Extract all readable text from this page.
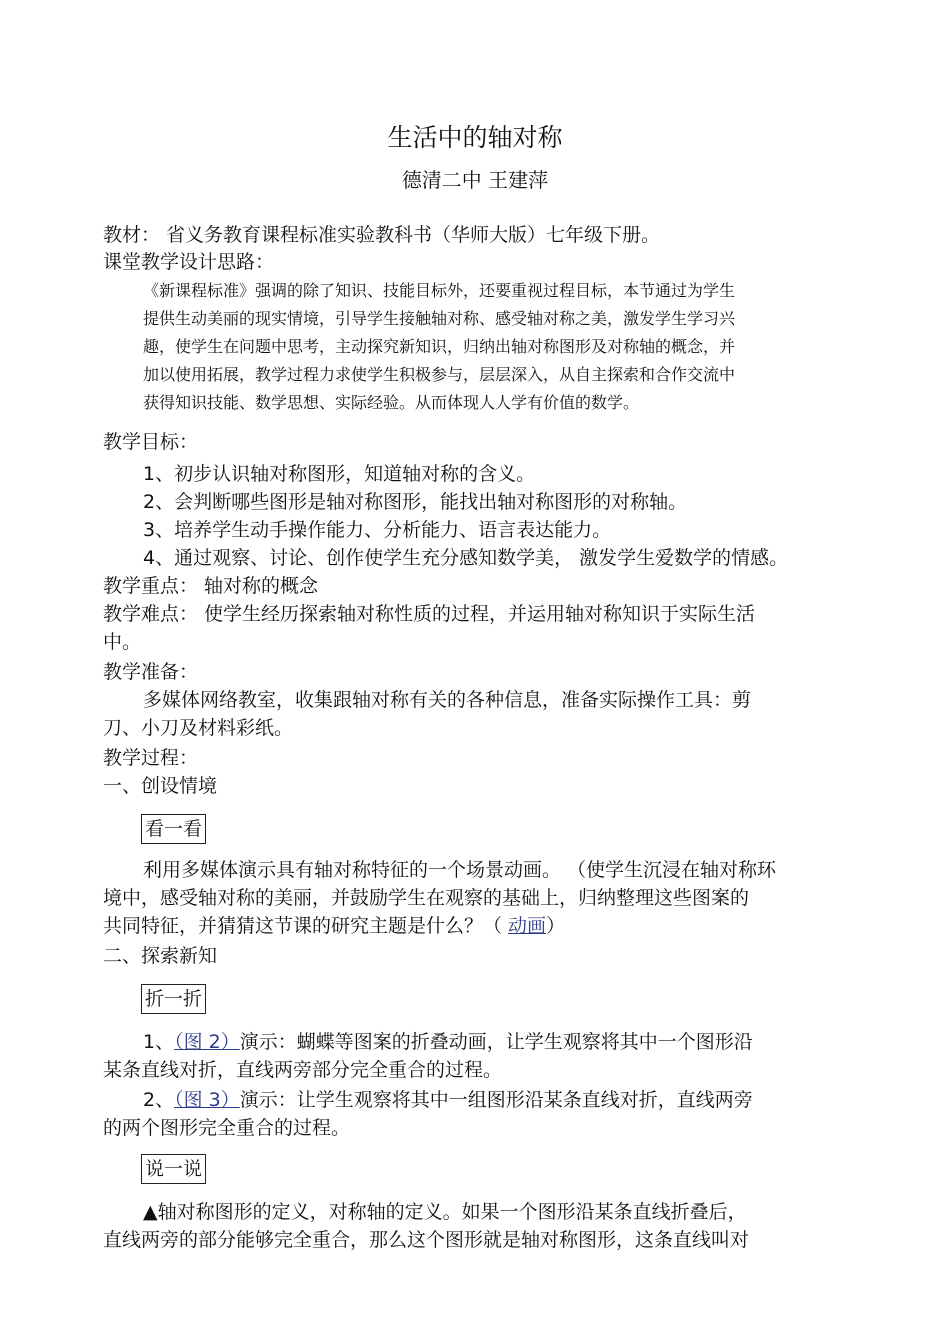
生活中的轴对称
德清二中 王建萍
教材： 省义务教育课程标准实验教科书（华师大版）七年级下册。
课堂教学设计思路：
《新课程标准》强调的除了知识、技能目标外，还要重视过程目标，本节通过为学生
提供生动美丽的现实情境，引导学生接触轴对称、感受轴对称之美，激发学生学习兴
趣，使学生在问题中思考，主动探究新知识，归纳出轴对称图形及对称轴的概念，并
加以使用拓展，教学过程力求使学生积极参与，层层深入，从自主探索和合作交流中
获得知识技能、数学思想、实际经验。从而体现人人学有价值的数学。
教学目标：
1、初步认识轴对称图形，知道轴对称的含义。
2、会判断哪些图形是轴对称图形，能找出轴对称图形的对称轴。
3、培养学生动手操作能力、分析能力、语言表达能力。
4、通过观察、讨论、创作使学生充分感知数学美， 激发学生爱数学的情感。
教学重点： 轴对称的概念
教学难点： 使学生经历探索轴对称性质的过程，并运用轴对称知识于实际生活
中。
教学准备：
多媒体网络教室，收集跟轴对称有关的各种信息，准备实际操作工具：剪
刀、小刀及材料彩纸。
教学过程：
一、创设情境
看一看
利用多媒体演示具有轴对称特征的一个场景动画。 （使学生沉浸在轴对称环
境中，感受轴对称的美丽，并鼓励学生在观察的基础上，归纳整理这些图案的
共同特征，并猜猜这节课的研究主题是什么？（ 动画）
二、探索新知
折一折
1、（图 2）演示：蝴蝶等图案的折叠动画，让学生观察将其中一个图形沿
某条直线对折，直线两旁部分完全重合的过程。
2、（图 3）演示：让学生观察将其中一组图形沿某条直线对折，直线两旁
的两个图形完全重合的过程。
说一说
▲轴对称图形的定义，对称轴的定义。如果一个图形沿某条直线折叠后，
直线两旁的部分能够完全重合，那么这个图形就是轴对称图形，这条直线叫对
